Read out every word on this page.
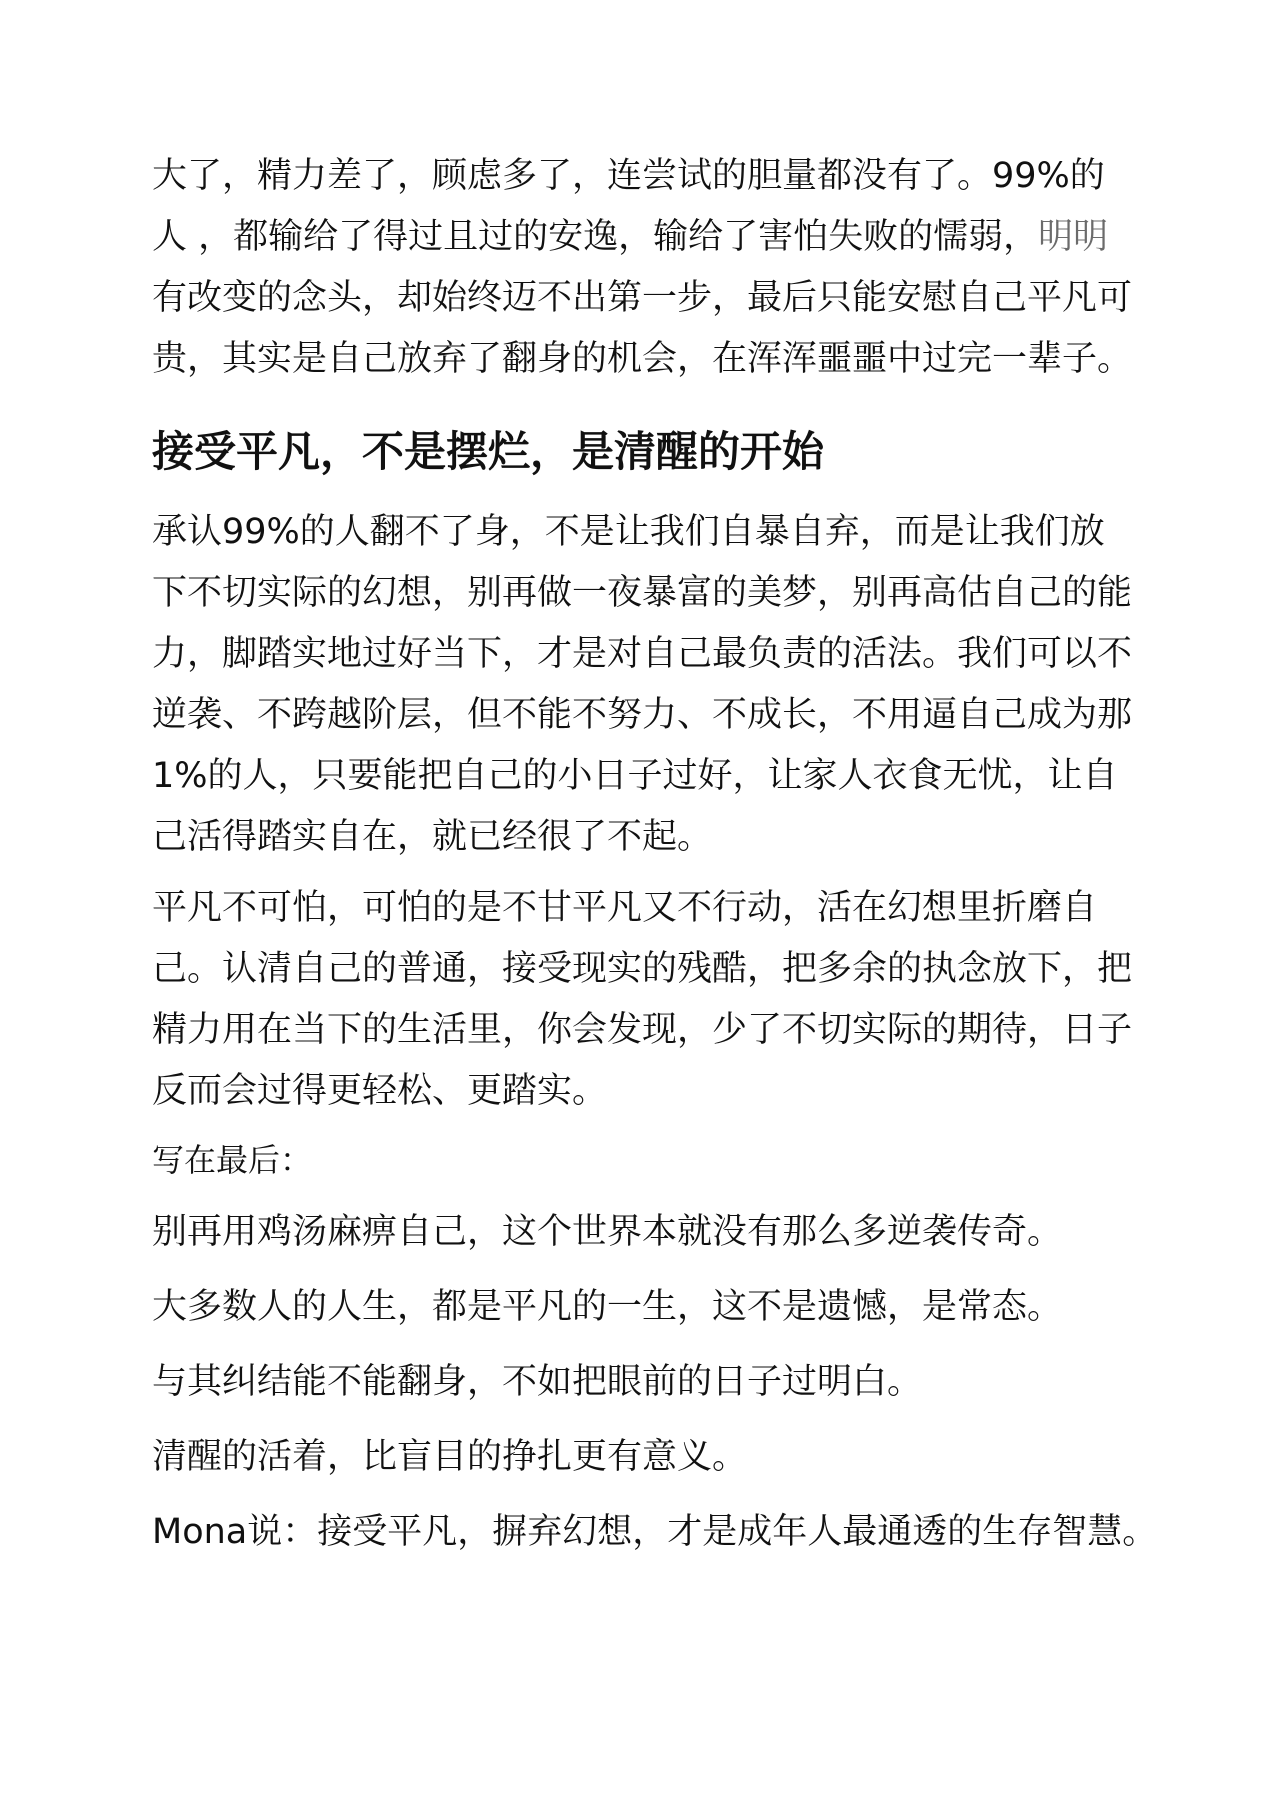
大了，精力差了，顾虑多了，连尝试的胆量都没有了。99%的人 ，都输给了得过且过的安逸，输给了害怕失败的懦弱，明明有改变的念头，却始终迈不出第一步，最后只能安慰自己平凡可贵，其实是自己放弃了翻身的机会，在浑浑噩噩中过完一辈子。

接受平凡，不是摆烂，是清醒的开始

承认99%的人翻不了身，不是让我们自暴自弃，而是让我们放下不切实际的幻想，别再做一夜暴富的美梦，别再高估自己的能力，脚踏实地过好当下，才是对自己最负责的活法。我们可以不逆袭、不跨越阶层，但不能不努力、不成长，不用逼自己成为那1%的人，只要能把自己的小日子过好，让家人衣食无忧，让自己活得踏实自在，就已经很了不起。

平凡不可怕，可怕的是不甘平凡又不行动，活在幻想里折磨自己。认清自己的普通，接受现实的残酷，把多余的执念放下，把精力用在当下的生活里，你会发现，少了不切实际的期待，日子反而会过得更轻松、更踏实。

写在最后：

别再用鸡汤麻痹自己，这个世界本就没有那么多逆袭传奇。

大多数人的人生，都是平凡的一生，这不是遗憾，是常态。

与其纠结能不能翻身，不如把眼前的日子过明白。

清醒的活着，比盲目的挣扎更有意义。

Mona说：接受平凡，摒弃幻想，才是成年人最通透的生存智慧。
